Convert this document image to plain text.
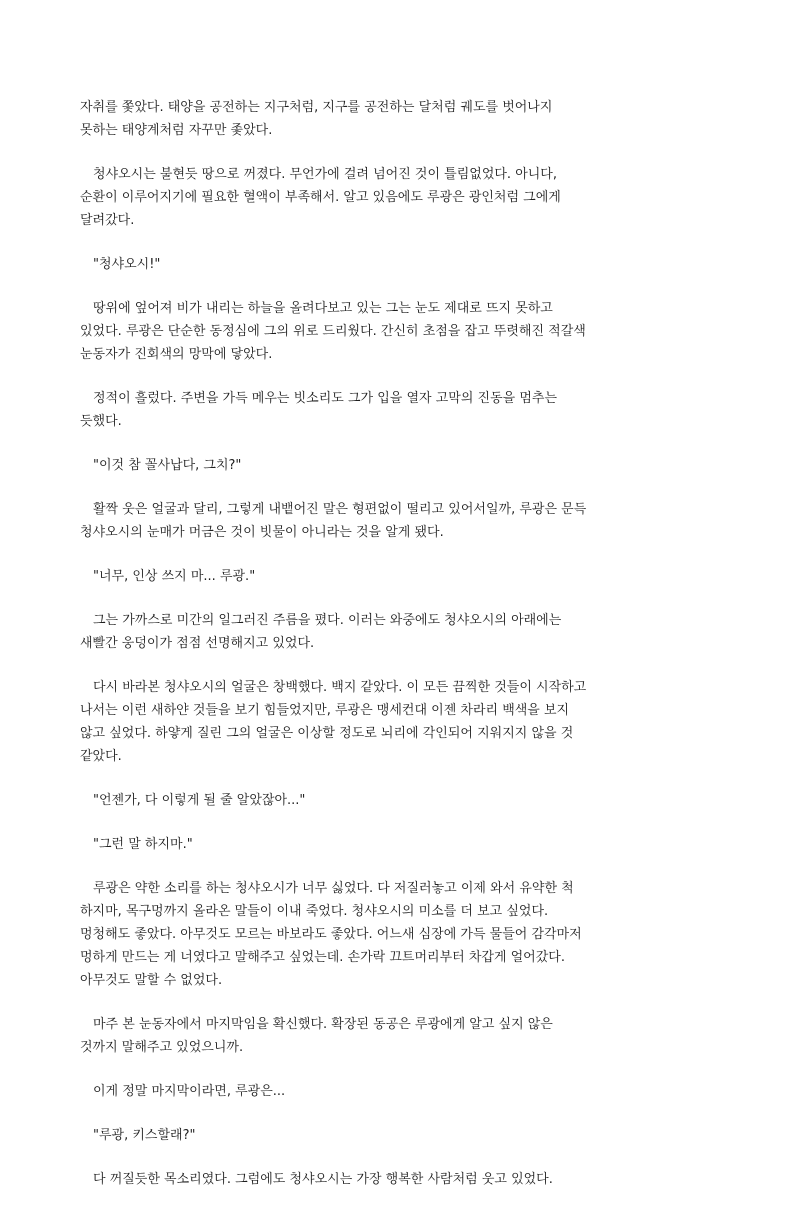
자취를 쫓았다. 태양을 공전하는 지구처럼, 지구를 공전하는 달처럼 궤도를 벗어나지
못하는 태양계처럼 자꾸만 좇았다.

청샤오시는 불현듯 땅으로 꺼졌다. 무언가에 걸려 넘어진 것이 틀림없었다. 아니다,
순환이 이루어지기에 필요한 혈액이 부족해서. 알고 있음에도 루광은 광인처럼 그에게
달려갔다.

"청샤오시!"

땅위에 엎어져 비가 내리는 하늘을 올려다보고 있는 그는 눈도 제대로 뜨지 못하고
있었다. 루광은 단순한 동정심에 그의 위로 드리웠다. 간신히 초점을 잡고 뚜렷해진 적갈색
눈동자가 진회색의 망막에 닿았다.

정적이 흘렀다. 주변을 가득 메우는 빗소리도 그가 입을 열자 고막의 진동을 멈추는
듯했다.

"이것 참 꼴사납다, 그치?"

활짝 웃은 얼굴과 달리, 그렇게 내뱉어진 말은 형편없이 떨리고 있어서일까, 루광은 문득
청샤오시의 눈매가 머금은 것이 빗물이 아니라는 것을 알게 됐다.

"너무, 인상 쓰지 마... 루광."

그는 가까스로 미간의 일그러진 주름을 폈다. 이러는 와중에도 청샤오시의 아래에는
새빨간 웅덩이가 점점 선명해지고 있었다.

다시 바라본 청샤오시의 얼굴은 창백했다. 백지 같았다. 이 모든 끔찍한 것들이 시작하고
나서는 이런 새하얀 것들을 보기 힘들었지만, 루광은 맹세컨대 이젠 차라리 백색을 보지
않고 싶었다. 하얗게 질린 그의 얼굴은 이상할 정도로 뇌리에 각인되어 지워지지 않을 것
같았다.

"언젠가, 다 이렇게 될 줄 알았잖아..."

"그런 말 하지마."

루광은 약한 소리를 하는 청샤오시가 너무 싫었다. 다 저질러놓고 이제 와서 유약한 척
하지마, 목구멍까지 올라온 말들이 이내 죽었다. 청샤오시의 미소를 더 보고 싶었다.
멍청해도 좋았다. 아무것도 모르는 바보라도 좋았다. 어느새 심장에 가득 물들어 감각마저
멍하게 만드는 게 너였다고 말해주고 싶었는데. 손가락 끄트머리부터 차갑게 얼어갔다.
아무것도 말할 수 없었다.

마주 본 눈동자에서 마지막임을 확신했다. 확장된 동공은 루광에게 알고 싶지 않은
것까지 말해주고 있었으니까.

이게 정말 마지막이라면, 루광은...

"루광, 키스할래?"

다 꺼질듯한 목소리였다. 그럼에도 청샤오시는 가장 행복한 사람처럼 웃고 있었다.
